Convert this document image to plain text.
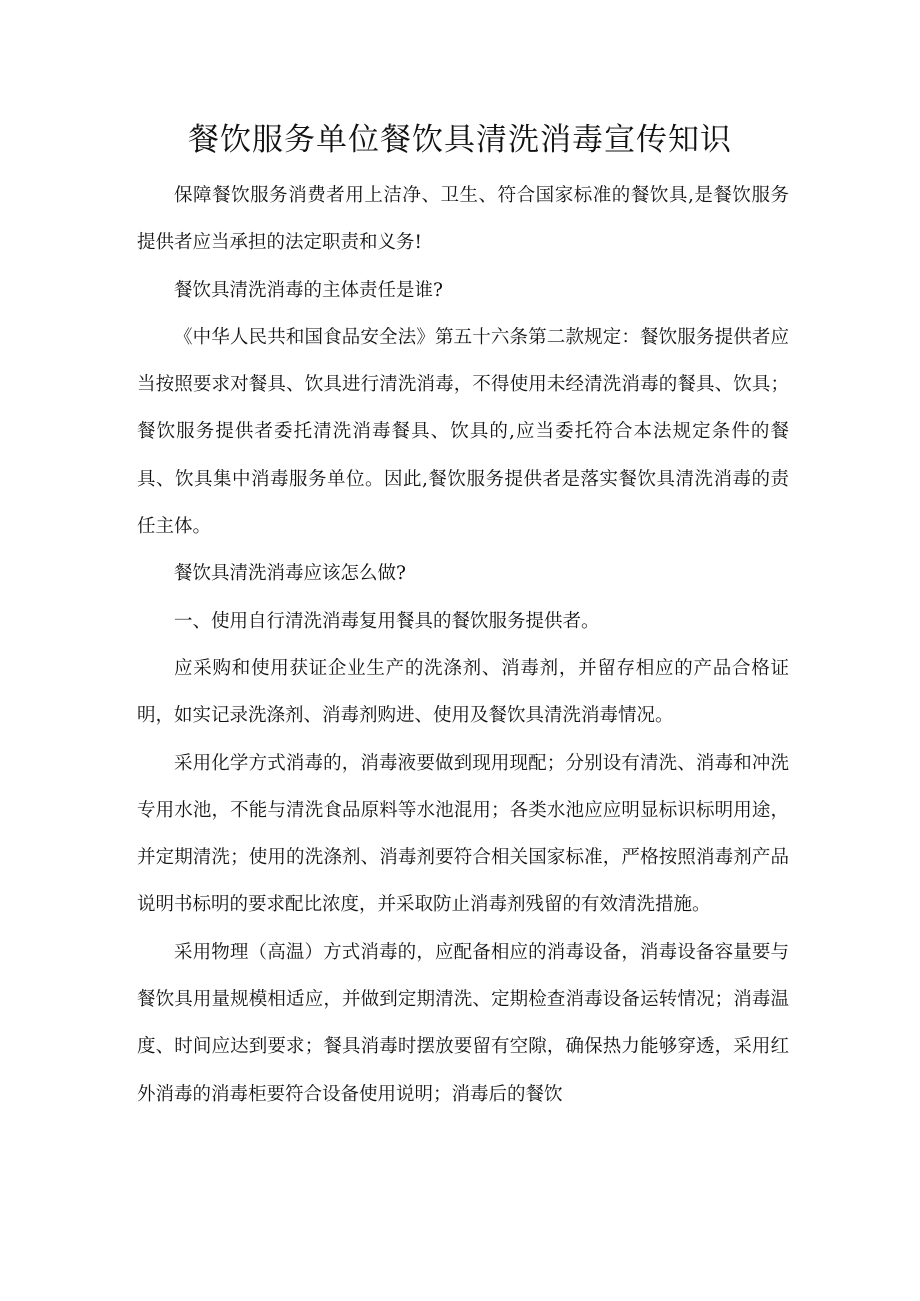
餐饮服务单位餐饮具清洗消毒宣传知识

保障餐饮服务消费者用上洁净、卫生、符合国家标准的餐饮具,是餐饮服务提供者应当承担的法定职责和义务!

餐饮具清洗消毒的主体责任是谁?

《中华人民共和国食品安全法》第五十六条第二款规定：餐饮服务提供者应当按照要求对餐具、饮具进行清洗消毒，不得使用未经清洗消毒的餐具、饮具；餐饮服务提供者委托清洗消毒餐具、饮具的,应当委托符合本法规定条件的餐具、饮具集中消毒服务单位。因此,餐饮服务提供者是落实餐饮具清洗消毒的责任主体。

餐饮具清洗消毒应该怎么做?

一、使用自行清洗消毒复用餐具的餐饮服务提供者。

应采购和使用获证企业生产的洗涤剂、消毒剂，并留存相应的产品合格证明，如实记录洗涤剂、消毒剂购进、使用及餐饮具清洗消毒情况。

采用化学方式消毒的，消毒液要做到现用现配；分别设有清洗、消毒和冲洗专用水池，不能与清洗食品原料等水池混用；各类水池应应明显标识标明用途，并定期清洗；使用的洗涤剂、消毒剂要符合相关国家标准，严格按照消毒剂产品说明书标明的要求配比浓度，并采取防止消毒剂残留的有效清洗措施。

采用物理（高温）方式消毒的，应配备相应的消毒设备，消毒设备容量要与餐饮具用量规模相适应，并做到定期清洗、定期检查消毒设备运转情况；消毒温度、时间应达到要求；餐具消毒时摆放要留有空隙，确保热力能够穿透，采用红外消毒的消毒柜要符合设备使用说明；消毒后的餐饮
